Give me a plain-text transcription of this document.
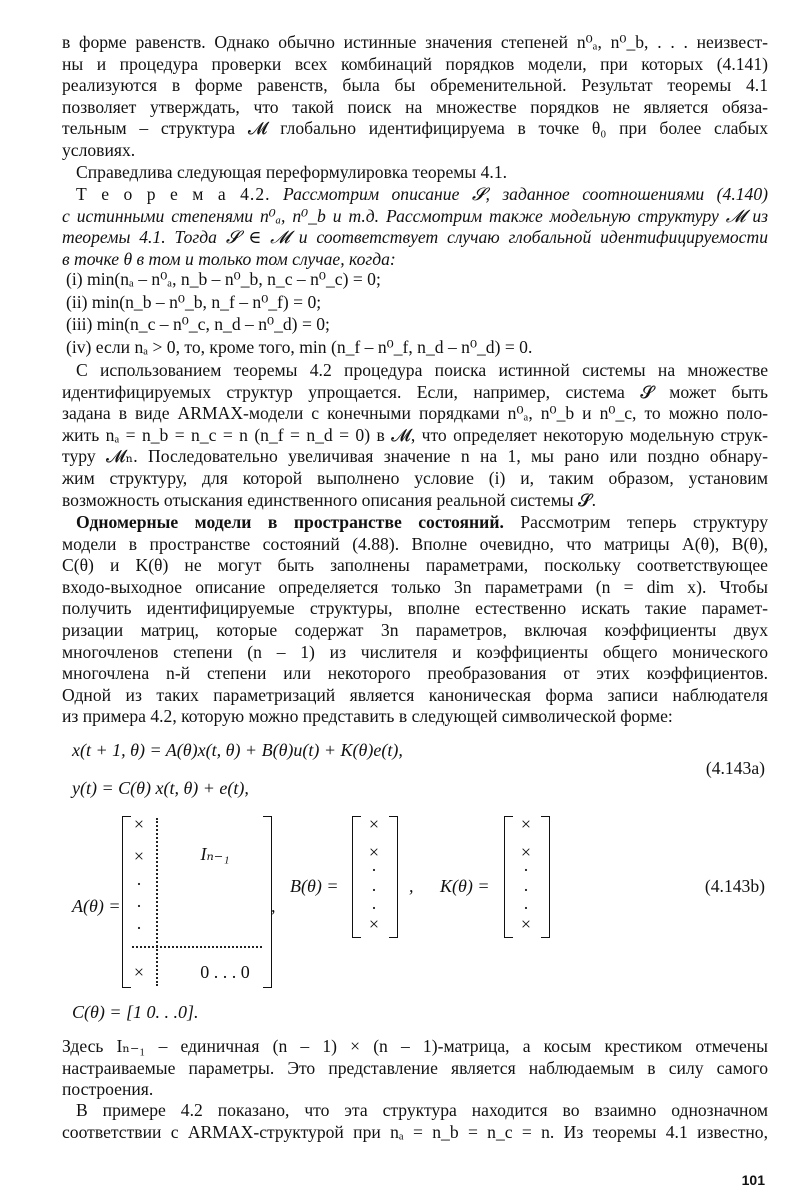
в форме равенств. Однако обычно истинные значения степеней n⁰ₐ, n⁰_b, . . . неизвест-
ны и процедура проверки всех комбинаций порядков модели, при которых (4.141)
реализуются в форме равенств, была бы обременительной. Результат теоремы 4.1
позволяет утверждать, что такой поиск на множестве порядков не является обяза-
тельным – структура 𝓜 глобально идентифицируема в точке θ₀ при более слабых
условиях.
Справедлива следующая переформулировка теоремы 4.1.
Т е о р е м а 4.2. Рассмотрим описание 𝓢, заданное соотношениями (4.140)
с истинными степенями n⁰ₐ, n⁰_b и т.д. Рассмотрим также модельную структуру 𝓜 из
теоремы 4.1. Тогда 𝓢 ∈ 𝓜 и соответствует случаю глобальной идентифицируемости
в точке θ в том и только том случае, когда:
(i) min(nₐ – n⁰ₐ, n_b – n⁰_b, n_c – n⁰_c) = 0;
(ii) min(n_b – n⁰_b, n_f – n⁰_f) = 0;
(iii) min(n_c – n⁰_c, n_d – n⁰_d) = 0;
(iv) если nₐ > 0, то, кроме того, min (n_f – n⁰_f, n_d – n⁰_d) = 0.
С использованием теоремы 4.2 процедура поиска истинной системы на множестве
идентифицируемых структур упрощается. Если, например, система 𝓢 может быть
задана в виде ARMAX-модели с конечными порядками n⁰ₐ, n⁰_b и n⁰_c, то можно поло-
жить nₐ = n_b = n_c = n (n_f = n_d = 0) в 𝓜, что определяет некоторую модельную струк-
туру 𝓜ₙ. Последовательно увеличивая значение n на 1, мы рано или поздно обнару-
жим структуру, для которой выполнено условие (i) и, таким образом, установим
возможность отыскания единственного описания реальной системы 𝓢.
Одномерные модели в пространстве состояний. Рассмотрим теперь структуру
модели в пространстве состояний (4.88). Вполне очевидно, что матрицы A(θ), B(θ),
C(θ) и K(θ) не могут быть заполнены параметрами, поскольку соответствующее
входо-выходное описание определяется только 3n параметрами (n = dim x). Чтобы
получить идентифицируемые структуры, вполне естественно искать такие парамет-
ризации матриц, которые содержат 3n параметров, включая коэффициенты двух
многочленов степени (n – 1) из числителя и коэффициенты общего монического
многочлена n-й степени или некоторого преобразования от этих коэффициентов.
Одной из таких параметризаций является каноническая форма записи наблюдателя
из примера 4.2, которую можно представить в следующей символической форме:
x(t + 1, θ) = A(θ)x(t, θ) + B(θ)u(t) + K(θ)e(t),
(4.143a)
y(t) = C(θ) x(t, θ) + e(t),
A(θ) =
×
×
·
·
·
×
Iₙ₋₁
0 . . . 0
,
B(θ) =
×
×
·
·
·
×
, K(θ) =
×
×
·
·
·
×
(4.143b)
C(θ) = [1 0. . .0].
Здесь Iₙ₋₁ – единичная (n – 1) × (n – 1)-матрица, а косым крестиком отмечены
настраиваемые параметры. Это представление является наблюдаемым в силу самого
построения.
В примере 4.2 показано, что эта структура находится во взаимно однозначном
соответствии с ARMAX-структурой при nₐ = n_b = n_c = n. Из теоремы 4.1 известно,
101
